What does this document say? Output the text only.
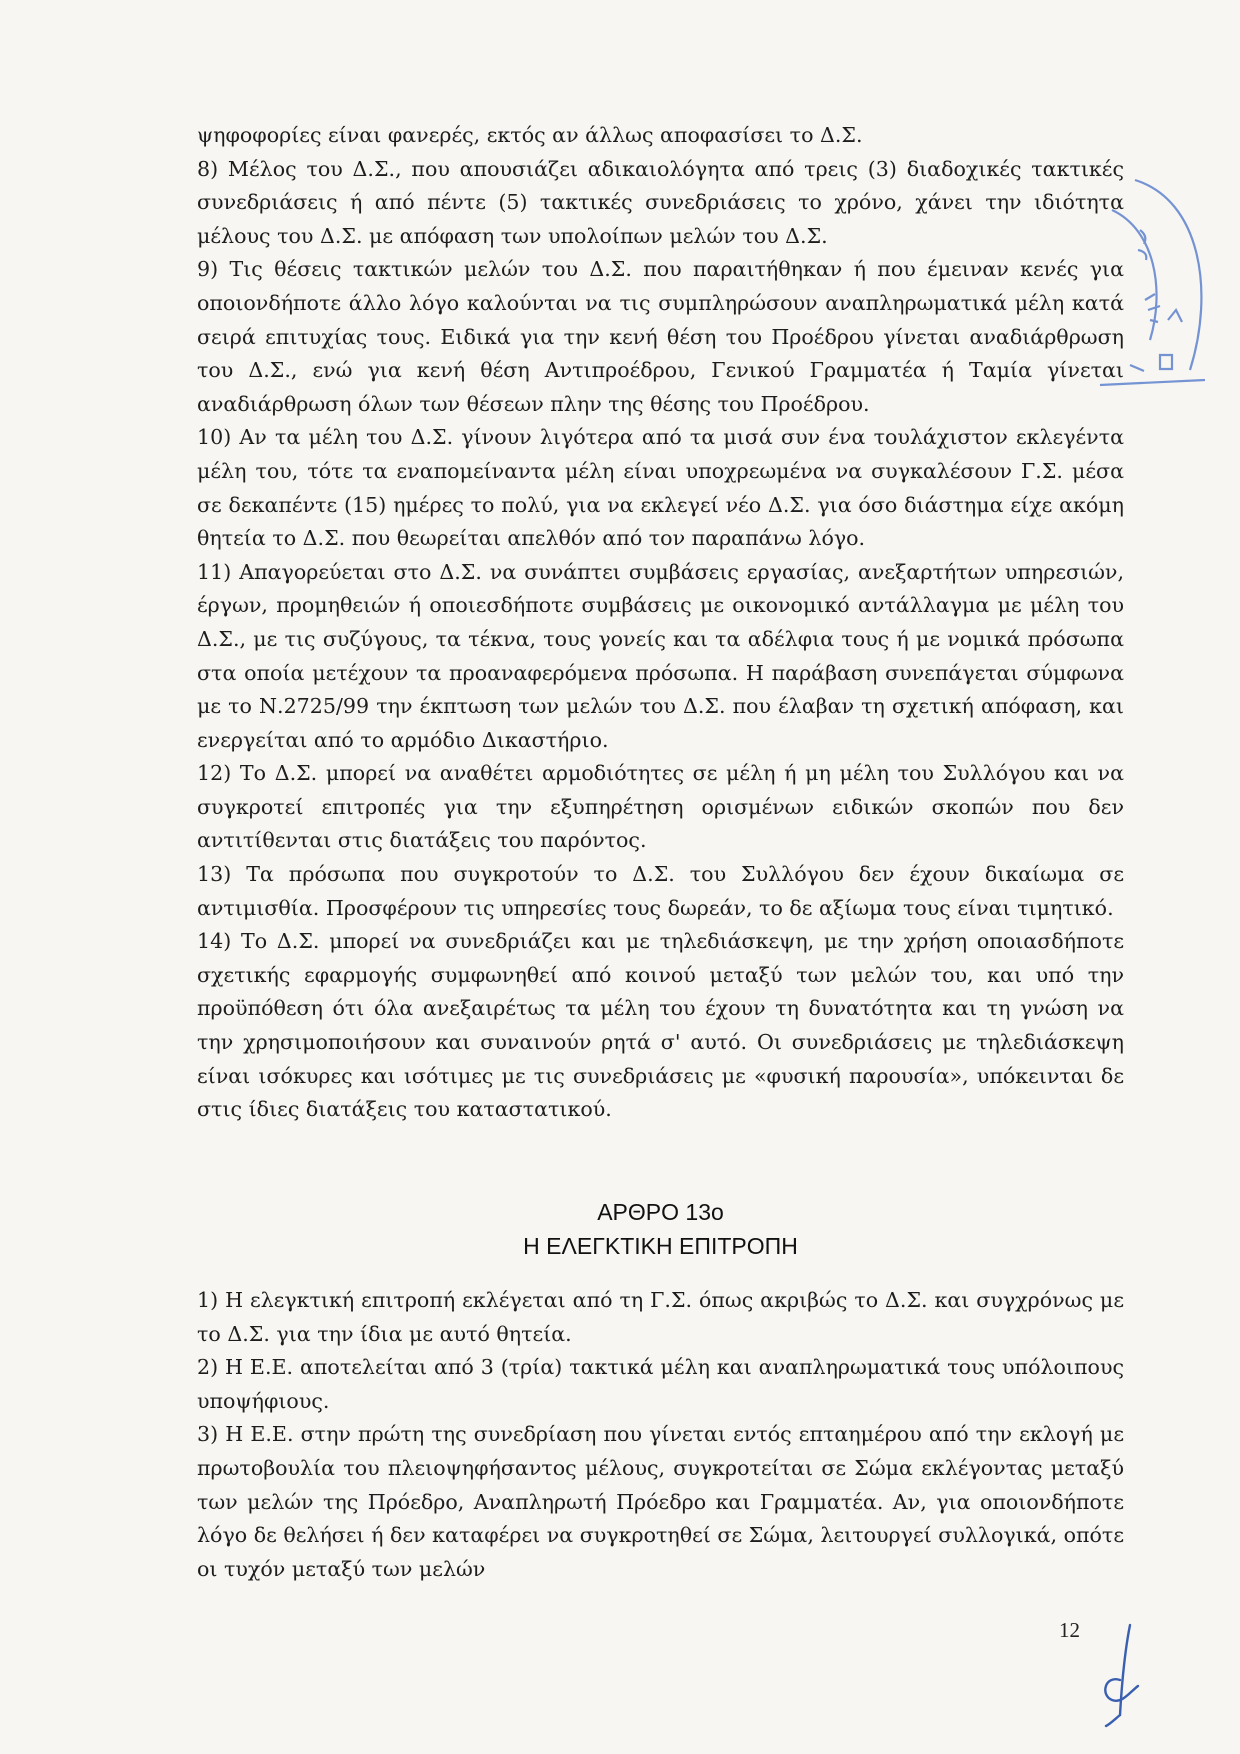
ψηφοφορίες είναι φανερές, εκτός αν άλλως αποφασίσει το Δ.Σ.

8) Μέλος του Δ.Σ., που απουσιάζει αδικαιολόγητα από τρεις (3) διαδοχικές τακτικές συνεδριάσεις ή από πέντε (5) τακτικές συνεδριάσεις το χρόνο, χάνει την ιδιότητα μέλους του Δ.Σ. με απόφαση των υπολοίπων μελών του Δ.Σ.

9) Τις θέσεις τακτικών μελών του Δ.Σ. που παραιτήθηκαν ή που έμειναν κενές για οποιονδήποτε άλλο λόγο καλούνται να τις συμπληρώσουν αναπληρωματικά μέλη κατά σειρά επιτυχίας τους. Ειδικά για την κενή θέση του Προέδρου γίνεται αναδιάρθρωση του Δ.Σ., ενώ για κενή θέση Αντιπροέδρου, Γενικού Γραμματέα ή Ταμία γίνεται αναδιάρθρωση όλων των θέσεων πλην της θέσης του Προέδρου.

10) Αν τα μέλη του Δ.Σ. γίνουν λιγότερα από τα μισά συν ένα τουλάχιστον εκλεγέντα μέλη του, τότε τα εναπομείναντα μέλη είναι υποχρεωμένα να συγκαλέσουν Γ.Σ. μέσα σε δεκαπέντε (15) ημέρες το πολύ, για να εκλεγεί νέο Δ.Σ. για όσο διάστημα είχε ακόμη θητεία το Δ.Σ. που θεωρείται απελθόν από τον παραπάνω λόγο.

11) Απαγορεύεται στο Δ.Σ. να συνάπτει συμβάσεις εργασίας, ανεξαρτήτων υπηρεσιών, έργων, προμηθειών ή οποιεσδήποτε συμβάσεις με οικονομικό αντάλλαγμα με μέλη του Δ.Σ., με τις συζύγους, τα τέκνα, τους γονείς και τα αδέλφια τους ή με νομικά πρόσωπα στα οποία μετέχουν τα προαναφερόμενα πρόσωπα. Η παράβαση συνεπάγεται σύμφωνα με το Ν.2725/99 την έκπτωση των μελών του Δ.Σ. που έλαβαν τη σχετική απόφαση, και ενεργείται από το αρμόδιο Δικαστήριο.

12) Το Δ.Σ. μπορεί να αναθέτει αρμοδιότητες σε μέλη ή μη μέλη του Συλλόγου και να συγκροτεί επιτροπές για την εξυπηρέτηση ορισμένων ειδικών σκοπών που δεν αντιτίθενται στις διατάξεις του παρόντος.

13) Τα πρόσωπα που συγκροτούν το Δ.Σ. του Συλλόγου δεν έχουν δικαίωμα σε αντιμισθία. Προσφέρουν τις υπηρεσίες τους δωρεάν, το δε αξίωμα τους είναι τιμητικό.

14) Το Δ.Σ. μπορεί να συνεδριάζει και με τηλεδιάσκεψη, με την χρήση οποιασδήποτε σχετικής εφαρμογής συμφωνηθεί από κοινού μεταξύ των μελών του, και υπό την προϋπόθεση ότι όλα ανεξαιρέτως τα μέλη του έχουν τη δυνατότητα και τη γνώση να την χρησιμοποιήσουν και συναινούν ρητά σ' αυτό. Οι συνεδριάσεις με τηλεδιάσκεψη είναι ισόκυρες και ισότιμες με τις συνεδριάσεις με «φυσική παρουσία», υπόκεινται δε στις ίδιες διατάξεις του καταστατικού.

ΑΡΘΡΟ 13ο
Η ΕΛΕΓΚΤΙΚΗ ΕΠΙΤΡΟΠΗ

1) Η ελεγκτική επιτροπή εκλέγεται από τη Γ.Σ. όπως ακριβώς το Δ.Σ. και συγχρόνως με το Δ.Σ. για την ίδια με αυτό θητεία.

2) Η Ε.Ε. αποτελείται από 3 (τρία) τακτικά μέλη και αναπληρωματικά τους υπόλοιπους υποψήφιους.

3) Η Ε.Ε. στην πρώτη της συνεδρίαση που γίνεται εντός επταημέρου από την εκλογή με πρωτοβουλία του πλειοψηφήσαντος μέλους, συγκροτείται σε Σώμα εκλέγοντας μεταξύ των μελών της Πρόεδρο, Αναπληρωτή Πρόεδρο και Γραμματέα. Αν, για οποιονδήποτε λόγο δε θελήσει ή δεν καταφέρει να συγκροτηθεί σε Σώμα, λειτουργεί συλλογικά, οπότε οι τυχόν μεταξύ των μελών

12
